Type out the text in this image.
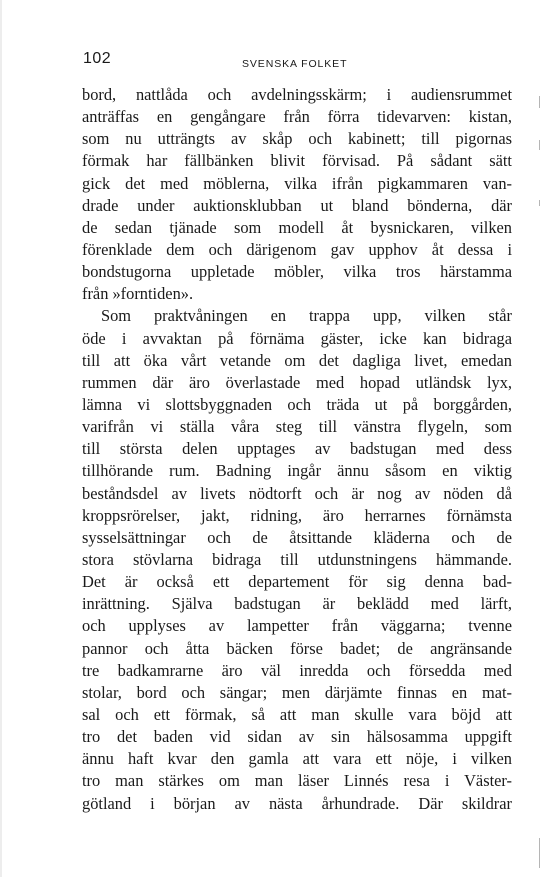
102	SVENSKA FOLKET
bord, nattlåda och avdelningsskärm; i audiensrummet
anträffas en gengångare från förra tidevarven: kistan,
som nu utträngts av skåp och kabinett; till pigornas
förmak har fällbänken blivit förvisad. På sådant sätt
gick det med möblerna, vilka ifrån pigkammaren van-
drade under auktionsklubban ut bland bönderna, där
de sedan tjänade som modell åt bysnickaren, vilken
förenklade dem och därigenom gav upphov åt dessa i
bondstugorna uppletade möbler, vilka tros härstamma
från »forntiden».
Som praktvåningen en trappa upp, vilken står
öde i avvaktan på förnäma gäster, icke kan bidraga
till att öka vårt vetande om det dagliga livet, emedan
rummen där äro överlastade med hopad utländsk lyx,
lämna vi slottsbyggnaden och träda ut på borggården,
varifrån vi ställa våra steg till vänstra flygeln, som
till största delen upptages av badstugan med dess
tillhörande rum. Badning ingår ännu såsom en viktig
beståndsdel av livets nödtorft och är nog av nöden då
kroppsrörelser, jakt, ridning, äro herrarnes förnämsta
sysselsättningar och de åtsittande kläderna och de
stora stövlarna bidraga till utdunstningens hämmande.
Det är också ett departement för sig denna bad-
inrättning. Själva badstugan är beklädd med lärft,
och upplyses av lampetter från väggarna; tvenne
pannor och åtta bäcken förse badet; de angränsande
tre badkamrarne äro väl inredda och försedda med
stolar, bord och sängar; men därjämte finnas en mat-
sal och ett förmak, så att man skulle vara böjd att
tro det baden vid sidan av sin hälsosamma uppgift
ännu haft kvar den gamla att vara ett nöje, i vilken
tro man stärkes om man läser Linnés resa i Väster-
götland i början av nästa århundrade. Där skildrar
